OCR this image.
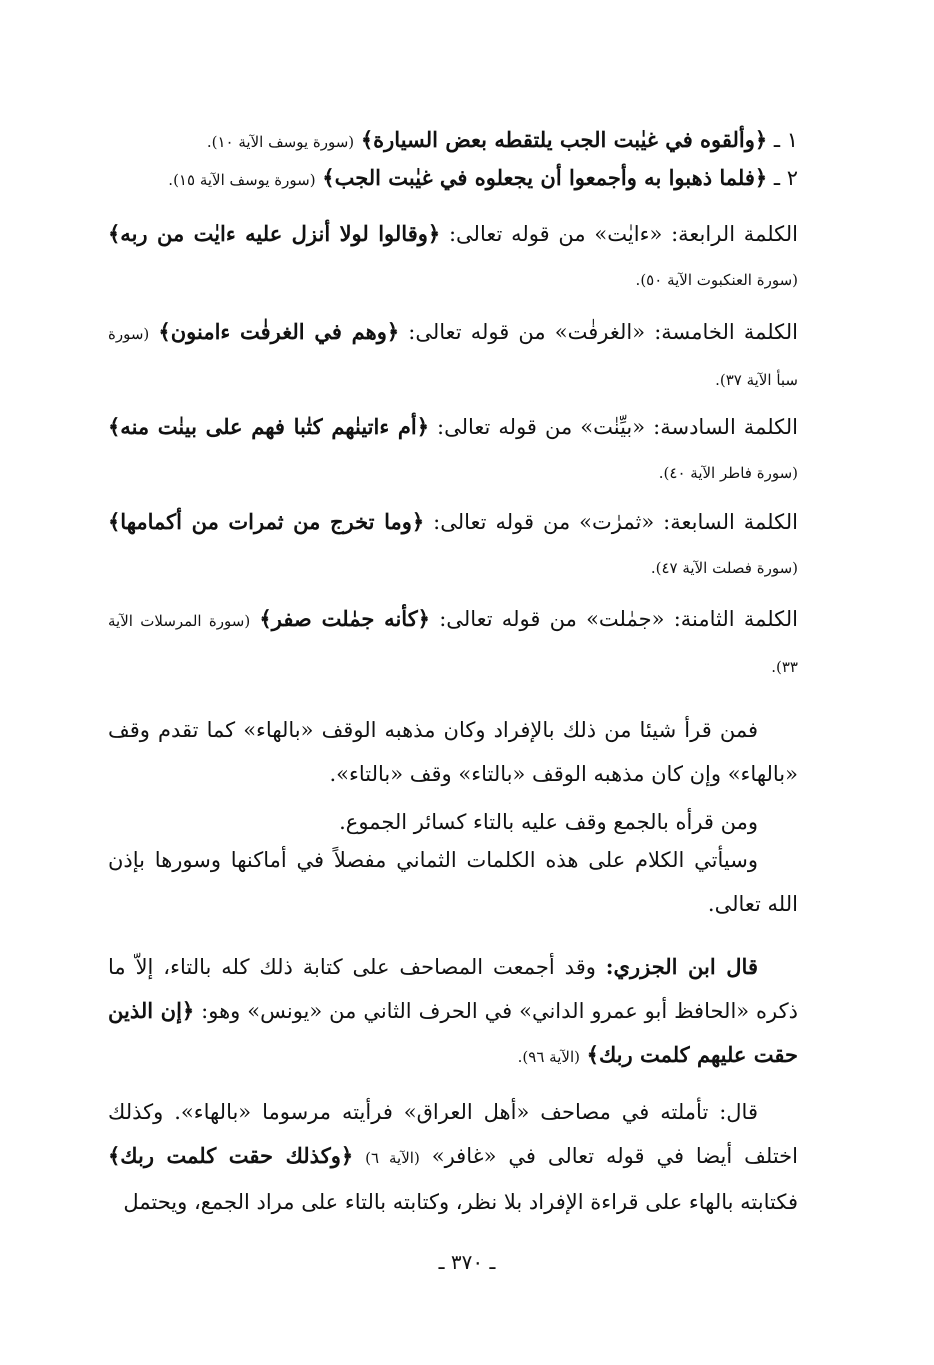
١ ـ ﴿وألقوه في غيٰبت الجب يلتقطه بعض السيارة﴾ (سورة يوسف الآية ١٠).
٢ ـ ﴿فلما ذهبوا به وأجمعوا أن يجعلوه في غيٰبت الجب﴾ (سورة يوسف الآية ١٥).
الكلمة الرابعة: «ءايٰت» من قوله تعالى: ﴿وقالوا لولا أنزل عليه ءايٰت من ربه﴾ (سورة العنكبوت الآية ٥٠).
الكلمة الخامسة: «الغرفٰت» من قوله تعالى: ﴿وهم في الغرفٰت ءامنون﴾ (سورة سبأ الآية ٣٧).
الكلمة السادسة: «بيِّنٰت» من قوله تعالى: ﴿أم ءاتينٰهم كتٰبا فهم على بينٰت منه﴾ (سورة فاطر الآية ٤٠).
الكلمة السابعة: «ثمرٰت» من قوله تعالى: ﴿وما تخرج من ثمرات من أكمامها﴾ (سورة فصلت الآية ٤٧).
الكلمة الثامنة: «جمٰلت» من قوله تعالى: ﴿كأنه جمٰلت صفر﴾ (سورة المرسلات الآية ٣٣).
فمن قرأ شيئا من ذلك بالإفراد وكان مذهبه الوقف «بالهاء» كما تقدم وقف «بالهاء» وإن كان مذهبه الوقف «بالتاء» وقف «بالتاء».
ومن قرأه بالجمع وقف عليه بالتاء كسائر الجموع.
وسيأتي الكلام على هذه الكلمات الثماني مفصلاً في أماكنها وسورها بإذن الله تعالى.
قال ابن الجزري: وقد أجمعت المصاحف على كتابة ذلك كله بالتاء، إلاّ ما ذكره «الحافظ أبو عمرو الداني» في الحرف الثاني من «يونس» وهو: ﴿إن الذين حقت عليهم كلمت ربك﴾ (الآية ٩٦).
قال: تأملته في مصاحف «أهل العراق» فرأيته مرسوما «بالهاء». وكذلك اختلف أيضا في قوله تعالى في «غافر» (الآية ٦) ﴿وكذلك حقت كلمت ربك﴾ فكتابته بالهاء على قراءة الإفراد بلا نظر، وكتابته بالتاء على مراد الجمع، ويحتمل
ـ ٣٧٠ ـ
